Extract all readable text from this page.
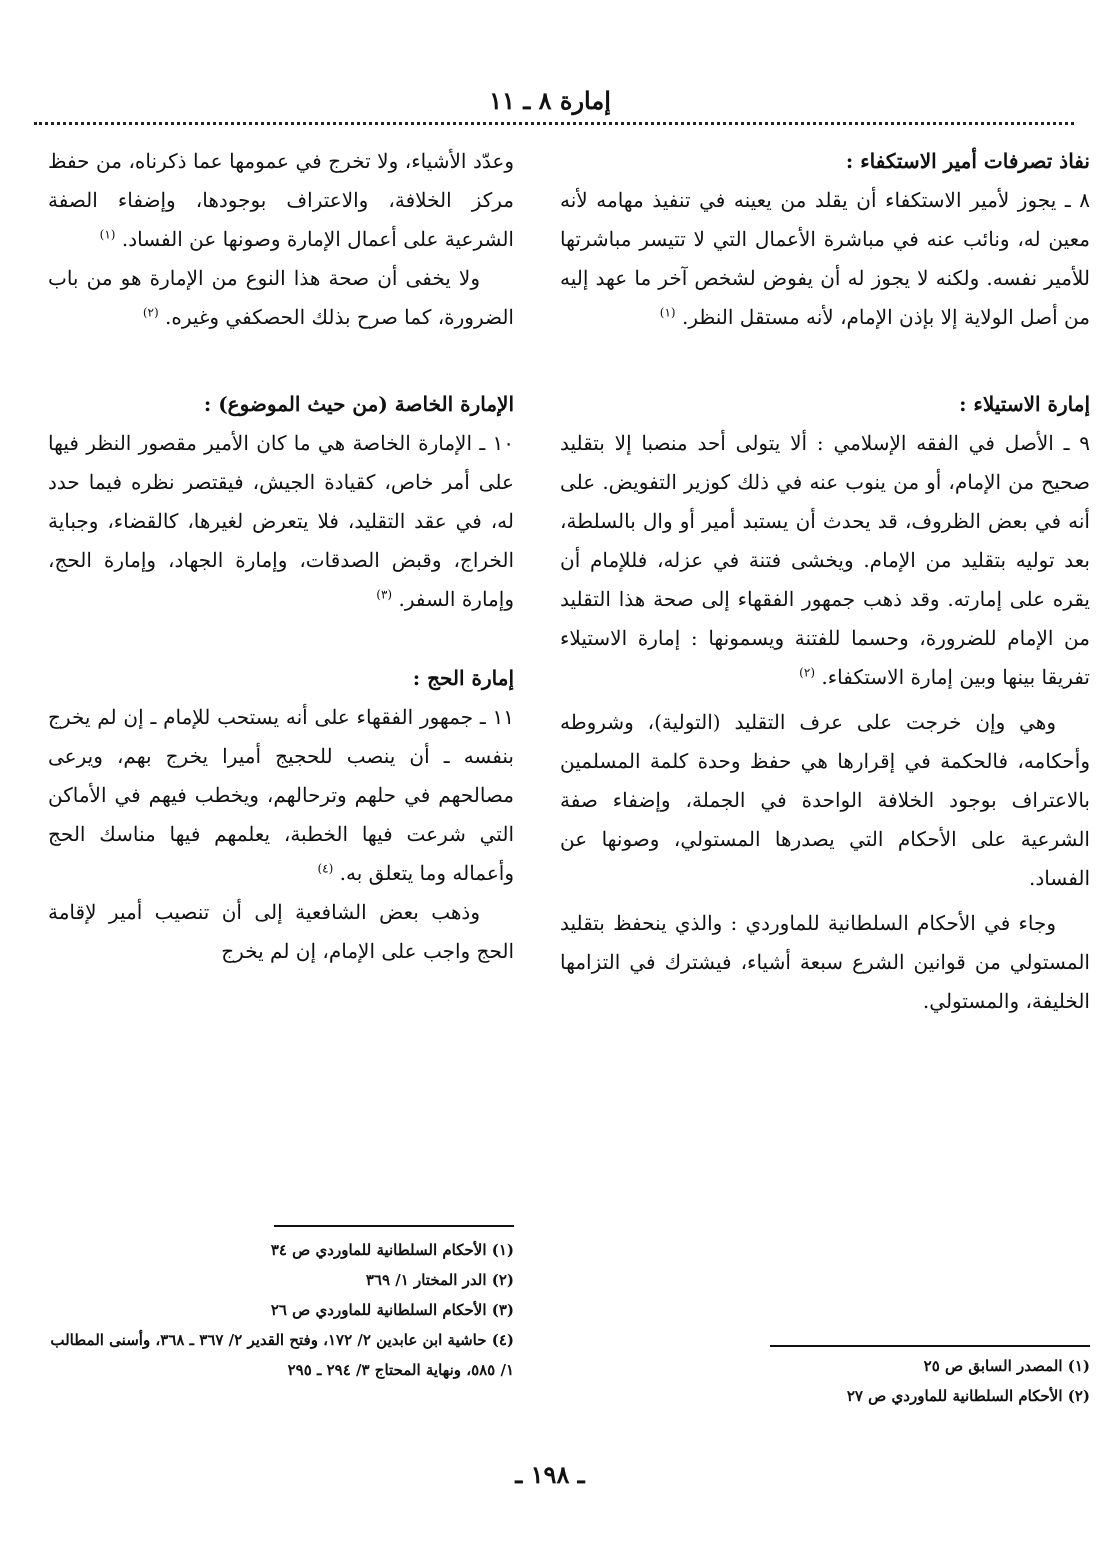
إمارة ٨ ـ ١١

نفاذ تصرفات أمير الاستكفاء :

٨ ـ يجوز لأمير الاستكفاء أن يقلد من يعينه في تنفيذ مهامه لأنه معين له، ونائب عنه في مباشرة الأعمال التي لا تتيسر مباشرتها للأمير نفسه. ولكنه لا يجوز له أن يفوض لشخص آخر ما عهد إليه من أصل الولاية إلا بإذن الإمام، لأنه مستقل النظر. $^{(١)}$

إمارة الاستيلاء :

٩ ـ الأصل في الفقه الإسلامي : ألا يتولى أحد منصبا إلا بتقليد صحيح من الإمام، أو من ينوب عنه في ذلك كوزير التفويض. على أنه في بعض الظروف، قد يحدث أن يستبد أمير أو وال بالسلطة، بعد توليه بتقليد من الإمام. ويخشى فتنة في عزله، فللإمام أن يقره على إمارته. وقد ذهب جمهور الفقهاء إلى صحة هذا التقليد من الإمام للضرورة، وحسما للفتنة ويسمونها : إمارة الاستيلاء تفريقا بينها وبين إمارة الاستكفاء. $^{(٢)}$

وهي وإن خرجت على عرف التقليد (التولية)، وشروطه وأحكامه، فالحكمة في إقرارها هي حفظ وحدة كلمة المسلمين بالاعتراف بوجود الخلافة الواحدة في الجملة، وإضفاء صفة الشرعية على الأحكام التي يصدرها المستولي، وصونها عن الفساد.

وجاء في الأحكام السلطانية للماوردي : والذي ينحفظ بتقليد المستولي من قوانين الشرع سبعة أشياء، فيشترك في التزامها الخليفة، والمستولي.

وعدّد الأشياء، ولا تخرج في عمومها عما ذكرناه، من حفظ مركز الخلافة، والاعتراف بوجودها، وإضفاء الصفة الشرعية على أعمال الإمارة وصونها عن الفساد. $^{(١)}$

ولا يخفى أن صحة هذا النوع من الإمارة هو من باب الضرورة، كما صرح بذلك الحصكفي وغيره. $^{(٢)}$

الإمارة الخاصة (من حيث الموضوع) :

١٠ ـ الإمارة الخاصة هي ما كان الأمير مقصور النظر فيها على أمر خاص، كقيادة الجيش، فيقتصر نظره فيما حدد له، في عقد التقليد، فلا يتعرض لغيرها، كالقضاء، وجباية الخراج، وقبض الصدقات، وإمارة الجهاد، وإمارة الحج، وإمارة السفر. $^{(٣)}$

إمارة الحج :

١١ ـ جمهور الفقهاء على أنه يستحب للإمام ـ إن لم يخرج بنفسه ـ أن ينصب للحجيج أميرا يخرج بهم، ويرعى مصالحهم في حلهم وترحالهم، ويخطب فيهم في الأماكن التي شرعت فيها الخطبة، يعلمهم فيها مناسك الحج وأعماله وما يتعلق به. $^{(٤)}$

وذهب بعض الشافعية إلى أن تنصيب أمير لإقامة الحج واجب على الإمام، إن لم يخرج

(١) الأحكام السلطانية للماوردي ص ٣٤

(٢) الدر المختار ١/ ٣٦٩

(٣) الأحكام السلطانية للماوردي ص ٢٦

(٤) حاشية ابن عابدين ٢/ ١٧٢، وفتح القدير ٢/ ٣٦٧ ـ ٣٦٨، وأسنى المطالب ١/ ٥٨٥، ونهاية المحتاج ٣/ ٢٩٤ ـ ٢٩٥	(١) المصدر السابق ص ٢٥

(٢) الأحكام السلطانية للماوردي ص ٢٧

ـ ١٩٨ ـ
